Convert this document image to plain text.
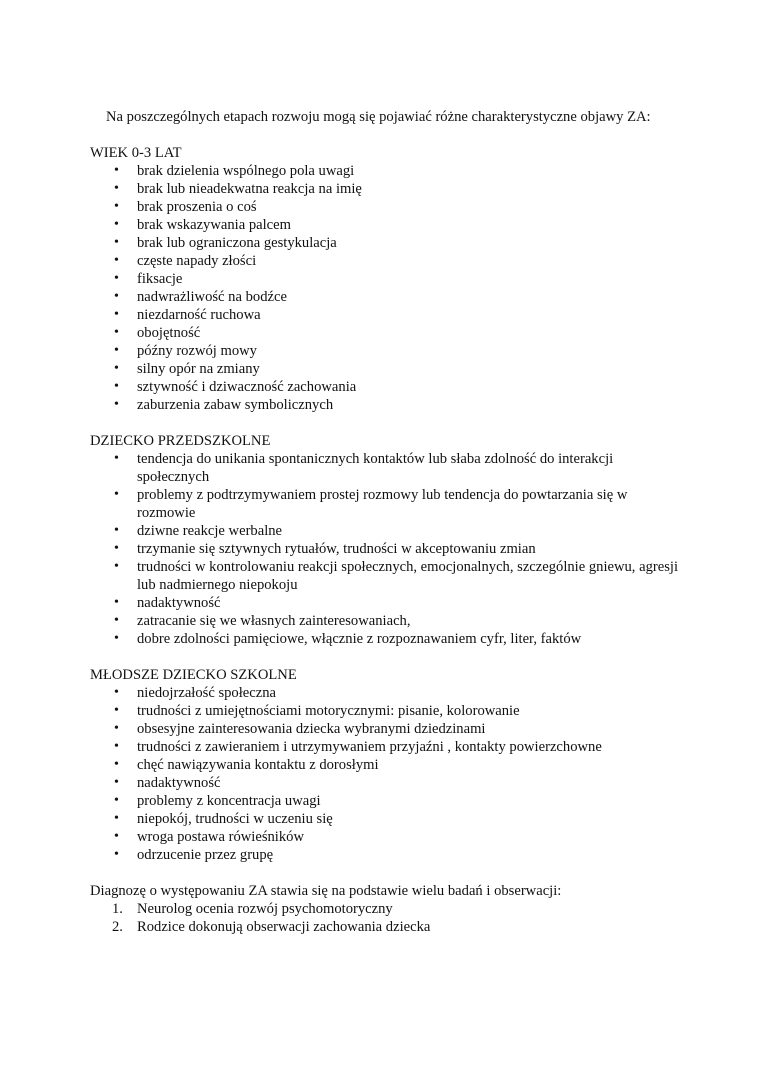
Na poszczególnych etapach rozwoju mogą się pojawiać różne charakterystyczne objawy ZA:

WIEK 0-3 LAT

• brak dzielenia wspólnego pola uwagi
• brak lub nieadekwatna reakcja na imię
• brak proszenia o coś
• brak wskazywania palcem
• brak lub ograniczona gestykulacja
• częste napady złości
• fiksacje
• nadwrażliwość na bodźce
• niezdarność ruchowa
• obojętność
• późny rozwój mowy
• silny opór na zmiany
• sztywność i dziwaczność zachowania
• zaburzenia zabaw symbolicznych

DZIECKO PRZEDSZKOLNE

• tendencja do unikania spontanicznych kontaktów lub słaba zdolność do interakcji społecznych
• problemy z podtrzymywaniem prostej rozmowy lub tendencja do powtarzania się w rozmowie
• dziwne reakcje werbalne
• trzymanie się sztywnych rytuałów, trudności w akceptowaniu zmian
• trudności w kontrolowaniu reakcji społecznych, emocjonalnych, szczególnie gniewu, agresji lub nadmiernego niepokoju
• nadaktywność
• zatracanie się we własnych zainteresowaniach,
• dobre zdolności pamięciowe, włącznie z rozpoznawaniem cyfr, liter, faktów

MŁODSZE DZIECKO SZKOLNE

• niedojrzałość społeczna
• trudności z umiejętnościami motorycznymi: pisanie, kolorowanie
• obsesyjne zainteresowania dziecka wybranymi dziedzinami
• trudności z zawieraniem i utrzymywaniem przyjaźni , kontakty powierzchowne
• chęć nawiązywania kontaktu z dorosłymi
• nadaktywność
• problemy z koncentracja uwagi
• niepokój, trudności w uczeniu się
• wroga postawa rówieśników
• odrzucenie przez grupę

Diagnozę o występowaniu ZA stawia się na podstawie wielu badań i obserwacji:

1. Neurolog ocenia rozwój psychomotoryczny
2. Rodzice dokonują obserwacji zachowania dziecka
